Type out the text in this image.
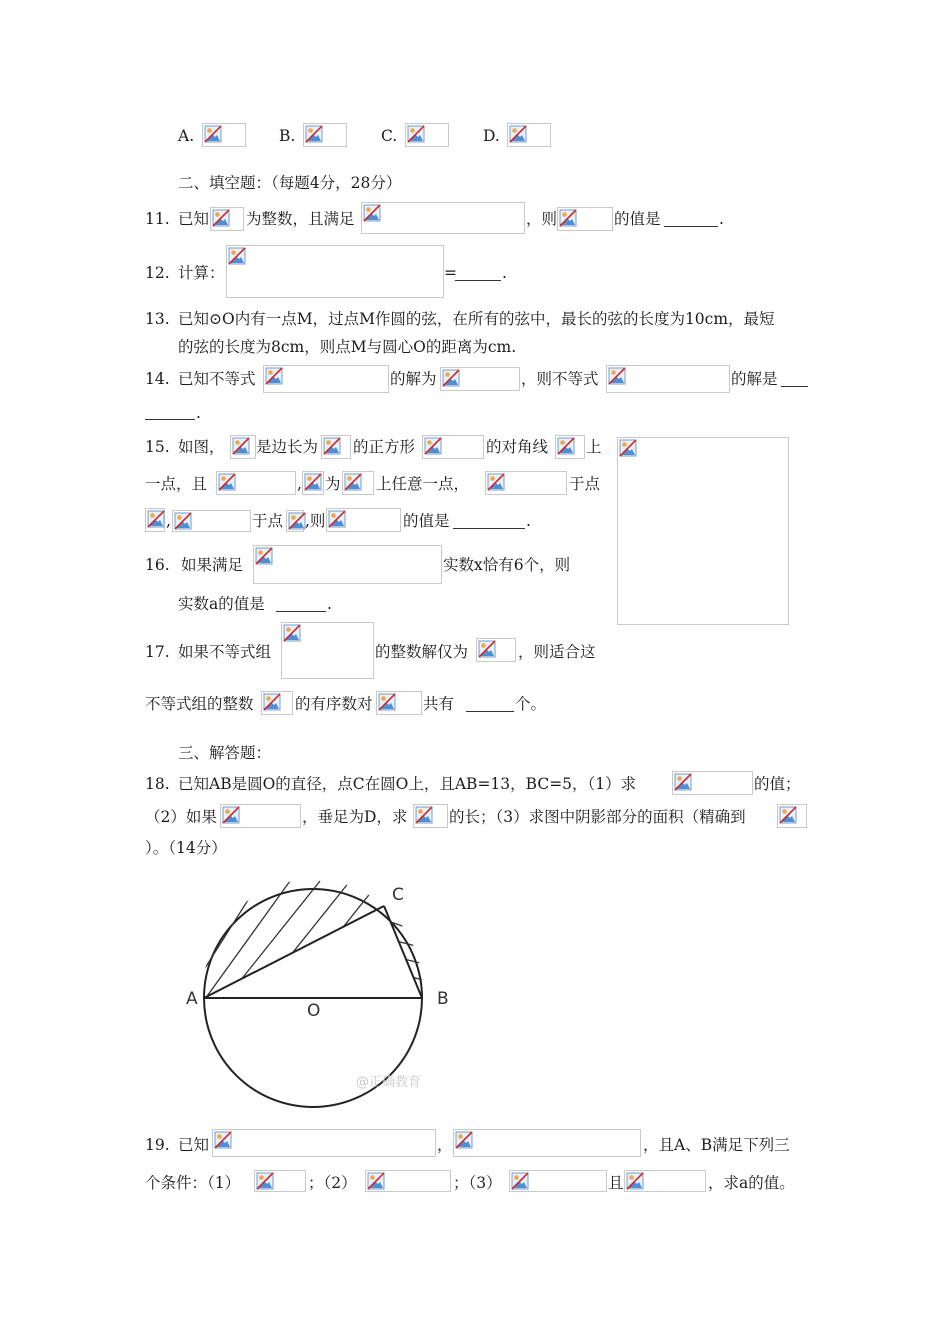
A.	B.	C.	D.
二、填空题：（每题4分，28分）
11. 已知 为整数，且满足	，则	的值是	.
12. 计算：	=	.
13. 已知⊙O内有一点M，过点M作圆的弦，在所有的弦中，最长的弦的长度为10cm，最短
的弦的长度为8cm，则点M与圆心O的距离为cm.
14. 已知不等式	的解为	，则不等式	的解是
.
15. 如图， 是边长为 的正方形	的对角线 上
一点，且	, 为 上任意一点，	于点
,	于点 ,则	的值是	.
16. 如果满足	实数x恰有6个，则
实数a的值是	.
17. 如果不等式组	的整数解仅为	，则适合这
不等式组的整数	的有序数对	共有	个。
三、解答题：
18. 已知AB是圆O的直径，点C在圆O上，且AB=13，BC=5，（1）求	的值；
（2）如果	，垂足为D，求	的长；（3）求图中阴影部分的面积（精确到
）。（14分）
A	B
C
O
@正确教育
19. 已知	，	，且A、B满足下列三
个条件：（1）	；（2）	；（3）	且	，求a的值。
